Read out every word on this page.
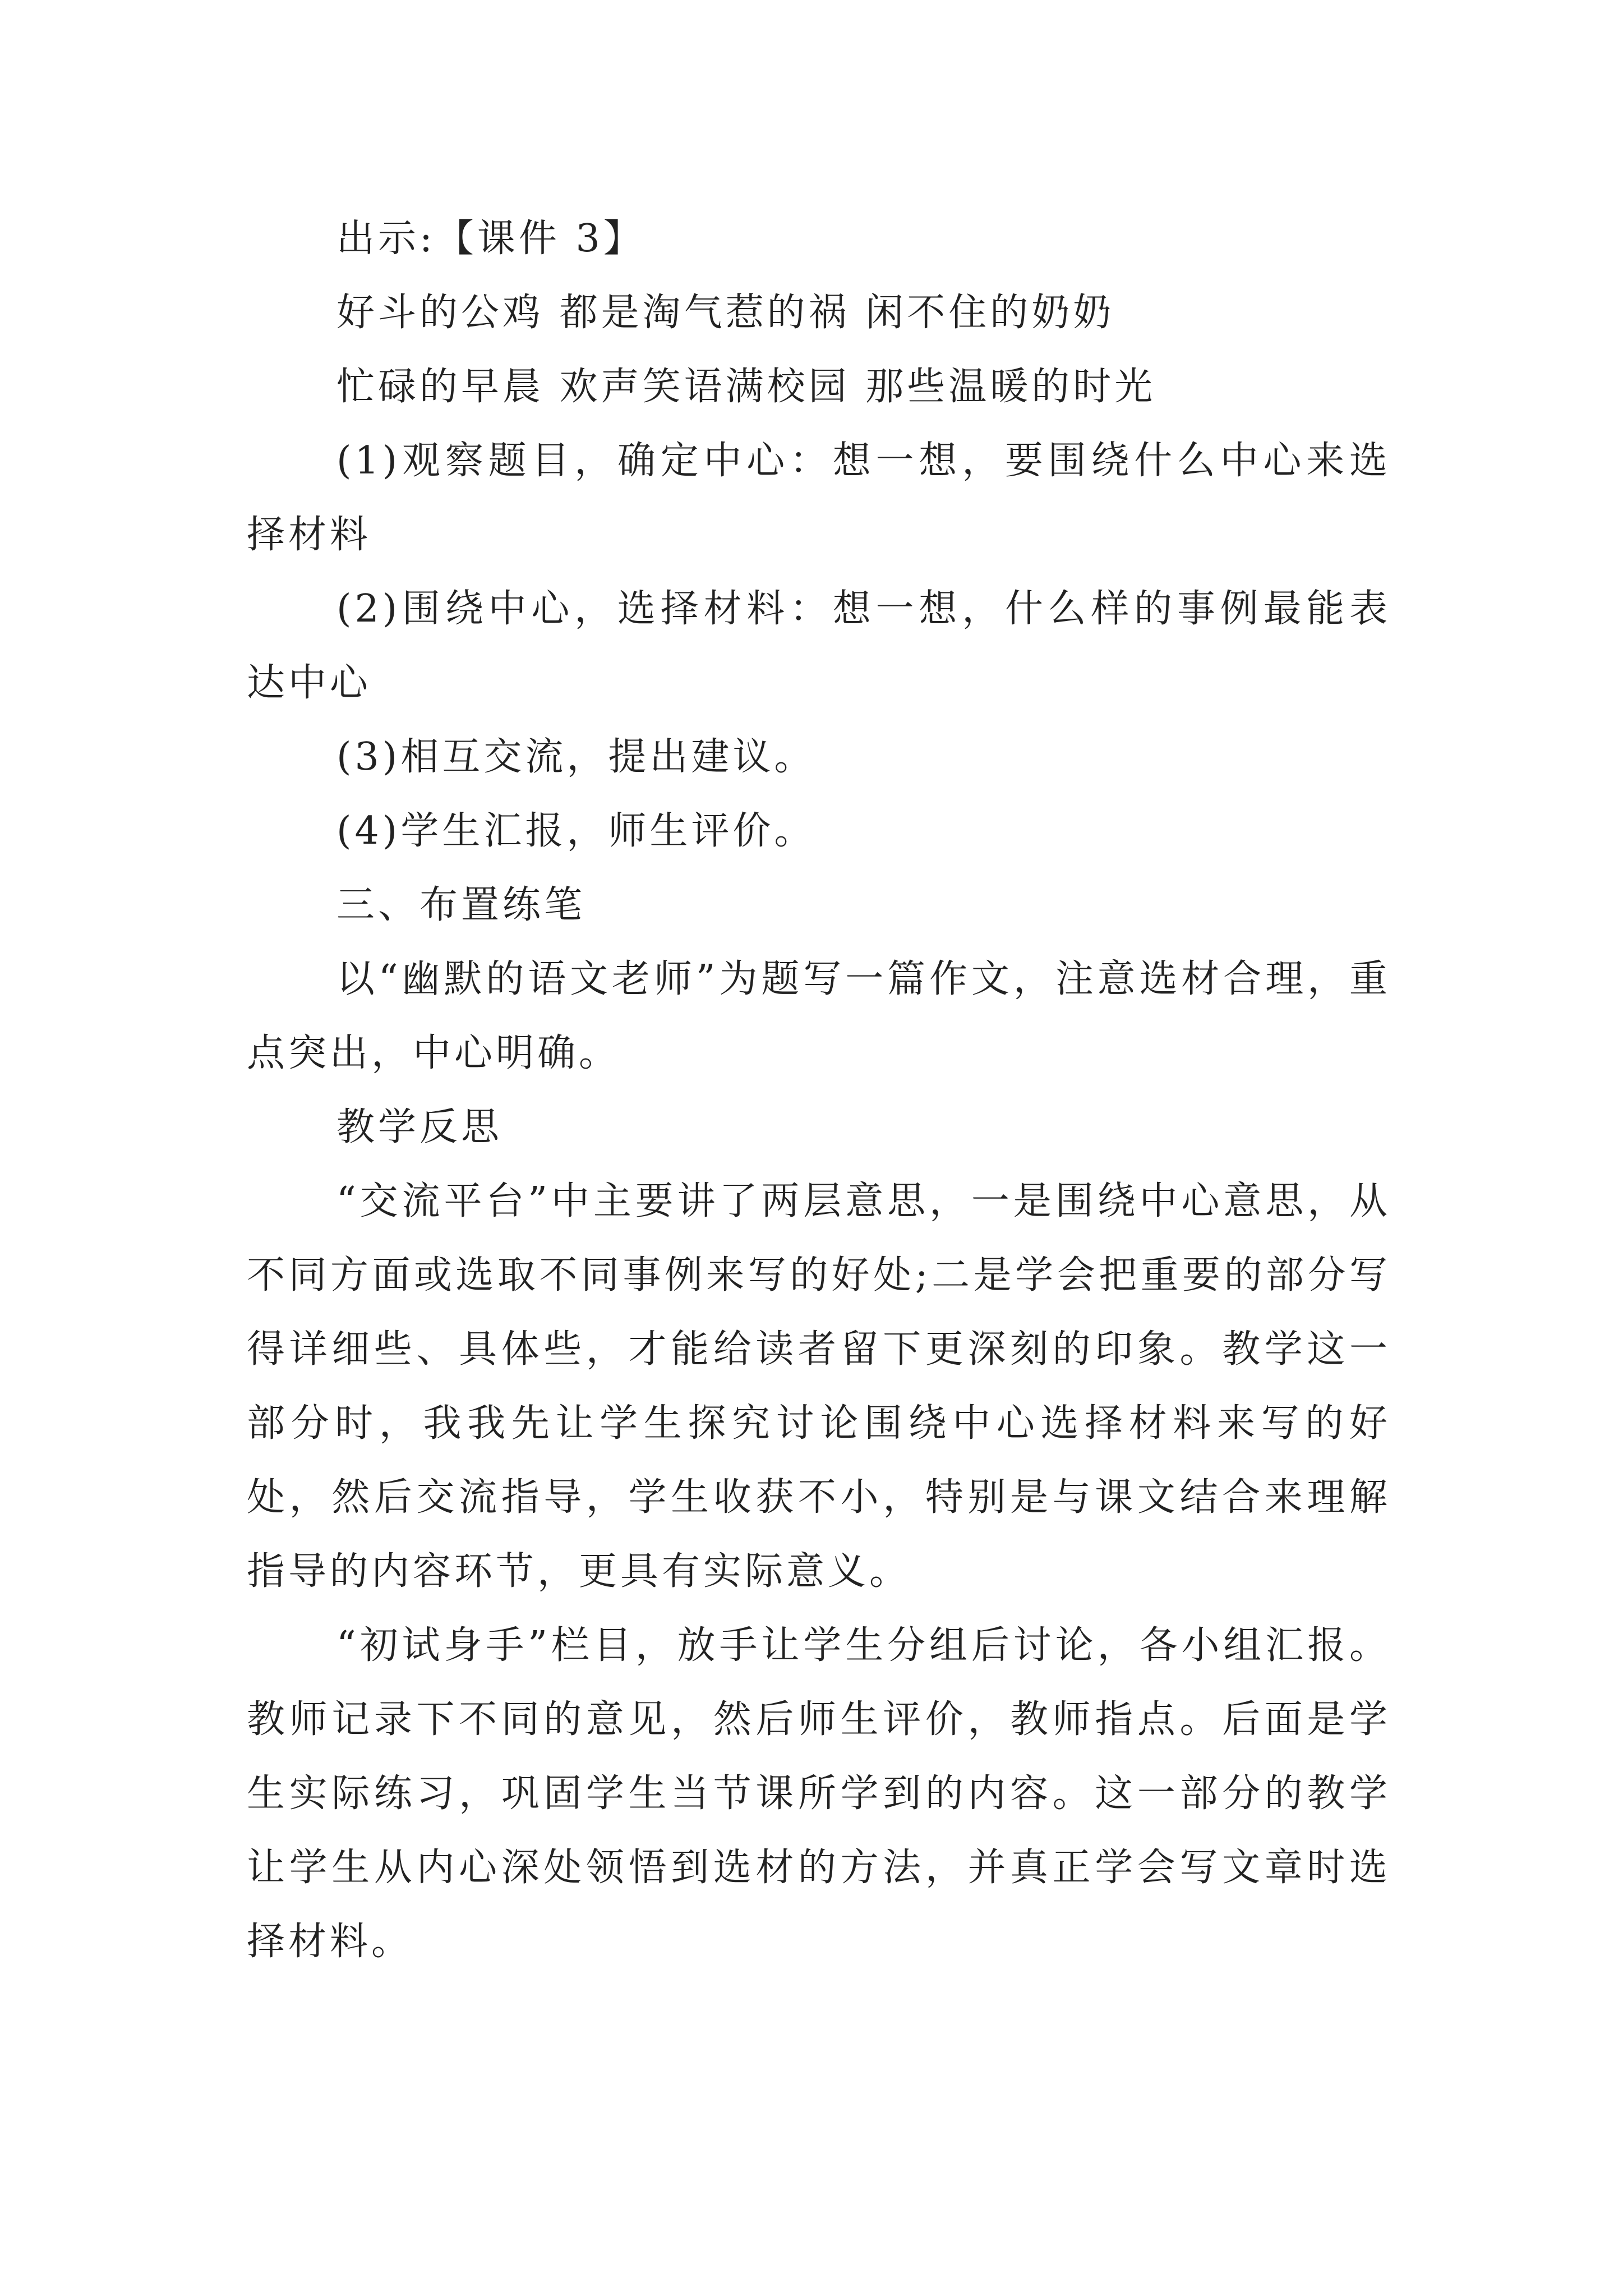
出示:【课件 3】

好斗的公鸡 都是淘气惹的祸 闲不住的奶奶

忙碌的早晨 欢声笑语满校园 那些温暖的时光

(1)观察题目，确定中心：想一想，要围绕什么中心来选择材料

(2)围绕中心，选择材料：想一想，什么样的事例最能表达中心

(3)相互交流，提出建议。

(4)学生汇报，师生评价。

三、布置练笔

以“幽默的语文老师”为题写一篇作文，注意选材合理，重点突出，中心明确。

教学反思

“交流平台”中主要讲了两层意思，一是围绕中心意思，从不同方面或选取不同事例来写的好处;二是学会把重要的部分写得详细些、具体些，才能给读者留下更深刻的印象。教学这一部分时，我我先让学生探究讨论围绕中心选择材料来写的好处，然后交流指导，学生收获不小，特别是与课文结合来理解指导的内容环节，更具有实际意义。

“初试身手”栏目，放手让学生分组后讨论，各小组汇报。教师记录下不同的意见，然后师生评价，教师指点。后面是学生实际练习，巩固学生当节课所学到的内容。这一部分的教学让学生从内心深处领悟到选材的方法，并真正学会写文章时选择材料。
